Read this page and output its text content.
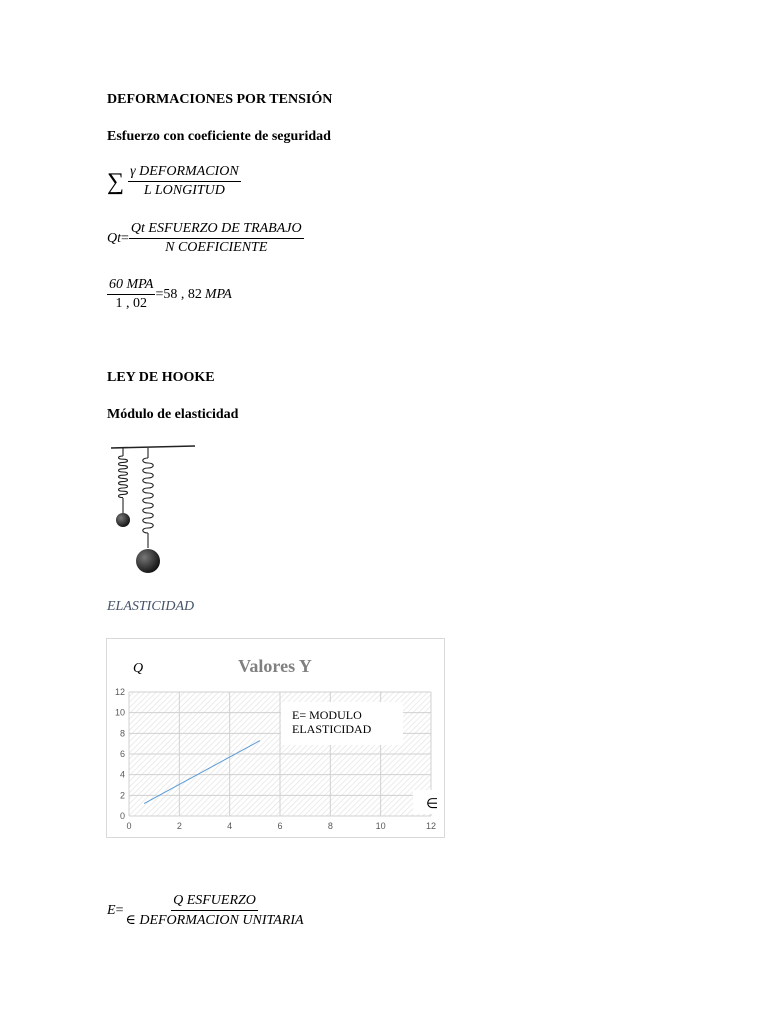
DEFORMACIONES POR TENSIÓN
Esfuerzo con coeficiente de seguridad
∑ $\frac{\text{γ DEFORMACION}}{\text{L LONGITUD}}$
$Qt = \frac{\text{Qt ESFUERZO DE TRABAJO}}{\text{N COEFICIENTE}}$
$\frac{\text{60 MPA}}{1 , 02} = 58$ , 82 MPA
LEY DE HOOKE
Módulo de elasticidad
ELASTICIDAD
0
2
4
6
8
10
12
0	2	4	6	8	10	12
E= MODULO
ELASTICIDAD
Valores Y
Q
∈
$E = \frac{\text{Q ESFUERZO}}{\text{∈ DEFORMACION UNITARIA}}$
